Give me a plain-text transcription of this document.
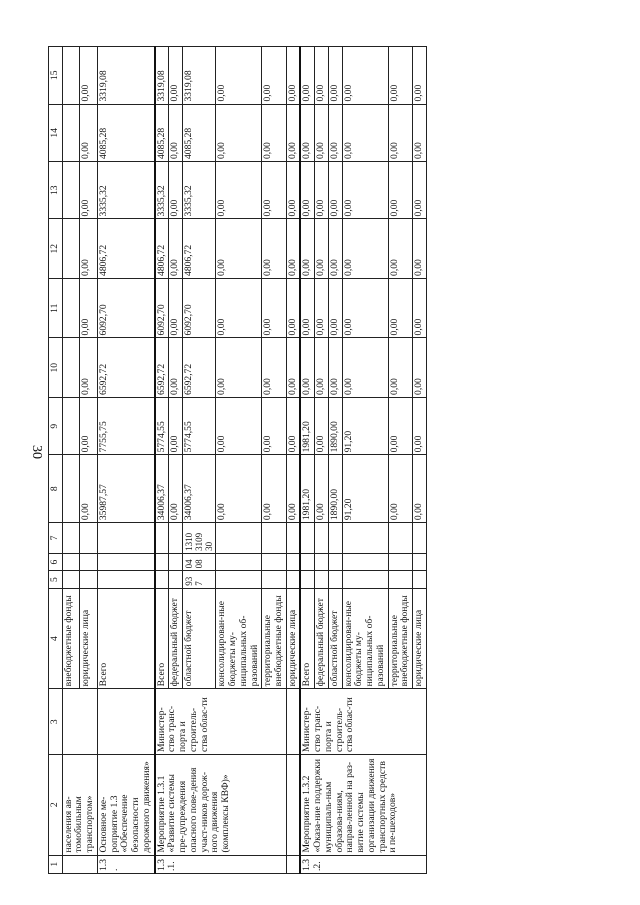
30
1	2	3	4	5	6	7	8	9	10	11	12	13	14	15
	населения ав-томобильным транспортом»		внебюджетные фонды											
			юридические лица				0,00	0,00	0,00	0,00	0,00	0,00	0,00	0,00
1.3.	Основное ме-роприятие 1.3 «Обеспечение безопасности дорожного движения»		Всего				35987,57	7755,75	6592,72	6092,70	4806,72	3335,32	4085,28	3319,08
1.3.1.	Мероприятие 1.3.1 «Развитие системы пре-дупреждения опасного пове-дения участ-ников дорож-ного движения (комплексы КВФ)»	Министер-ство транс-порта и строитель-ства облас-ти	Всего				34006,37	5774,55	6592,72	6092,70	4806,72	3335,32	4085,28	3319,08
			федеральный бюджет				0,00	0,00	0,00	0,00	0,00	0,00	0,00	0,00
			областной бюджет	93 7	04 08	1310 3109 30	34006,37	5774,55	6592,72	6092,70	4806,72	3335,32	4085,28	3319,08
			консолидирован-ные бюджеты му-ниципальных об-разований				0,00	0,00	0,00	0,00	0,00	0,00	0,00	0,00
			территориальные внебюджетные фонды				0,00	0,00	0,00	0,00	0,00	0,00	0,00	0,00
			юридические лица				0,00	0,00	0,00	0,00	0,00	0,00	0,00	0,00
1.3.2.	Мероприятие 1.3.2 «Оказа-ние поддержки муниципаль-ным образова-ниям, направ-ленной на раз-витие системы организации движения транспортных средств и пе-шеходов»	Министер-ство транс-порта и строитель-ства облас-ти	Всего				1981,20	1981,20	0,00	0,00	0,00	0,00	0,00	0,00
			федеральный бюджет				0,00	0,00	0,00	0,00	0,00	0,00	0,00	0,00
			областной бюджет				1890,00	1890,00	0,00	0,00	0,00	0,00	0,00	0,00
			консолидирован-ные бюджеты му-ниципальных об-разований				91,20	91,20	0,00	0,00	0,00	0,00	0,00	0,00
			территориальные внебюджетные фонды				0,00	0,00	0,00	0,00	0,00	0,00	0,00	0,00
			юридические лица				0,00	0,00	0,00	0,00	0,00	0,00	0,00	0,00
